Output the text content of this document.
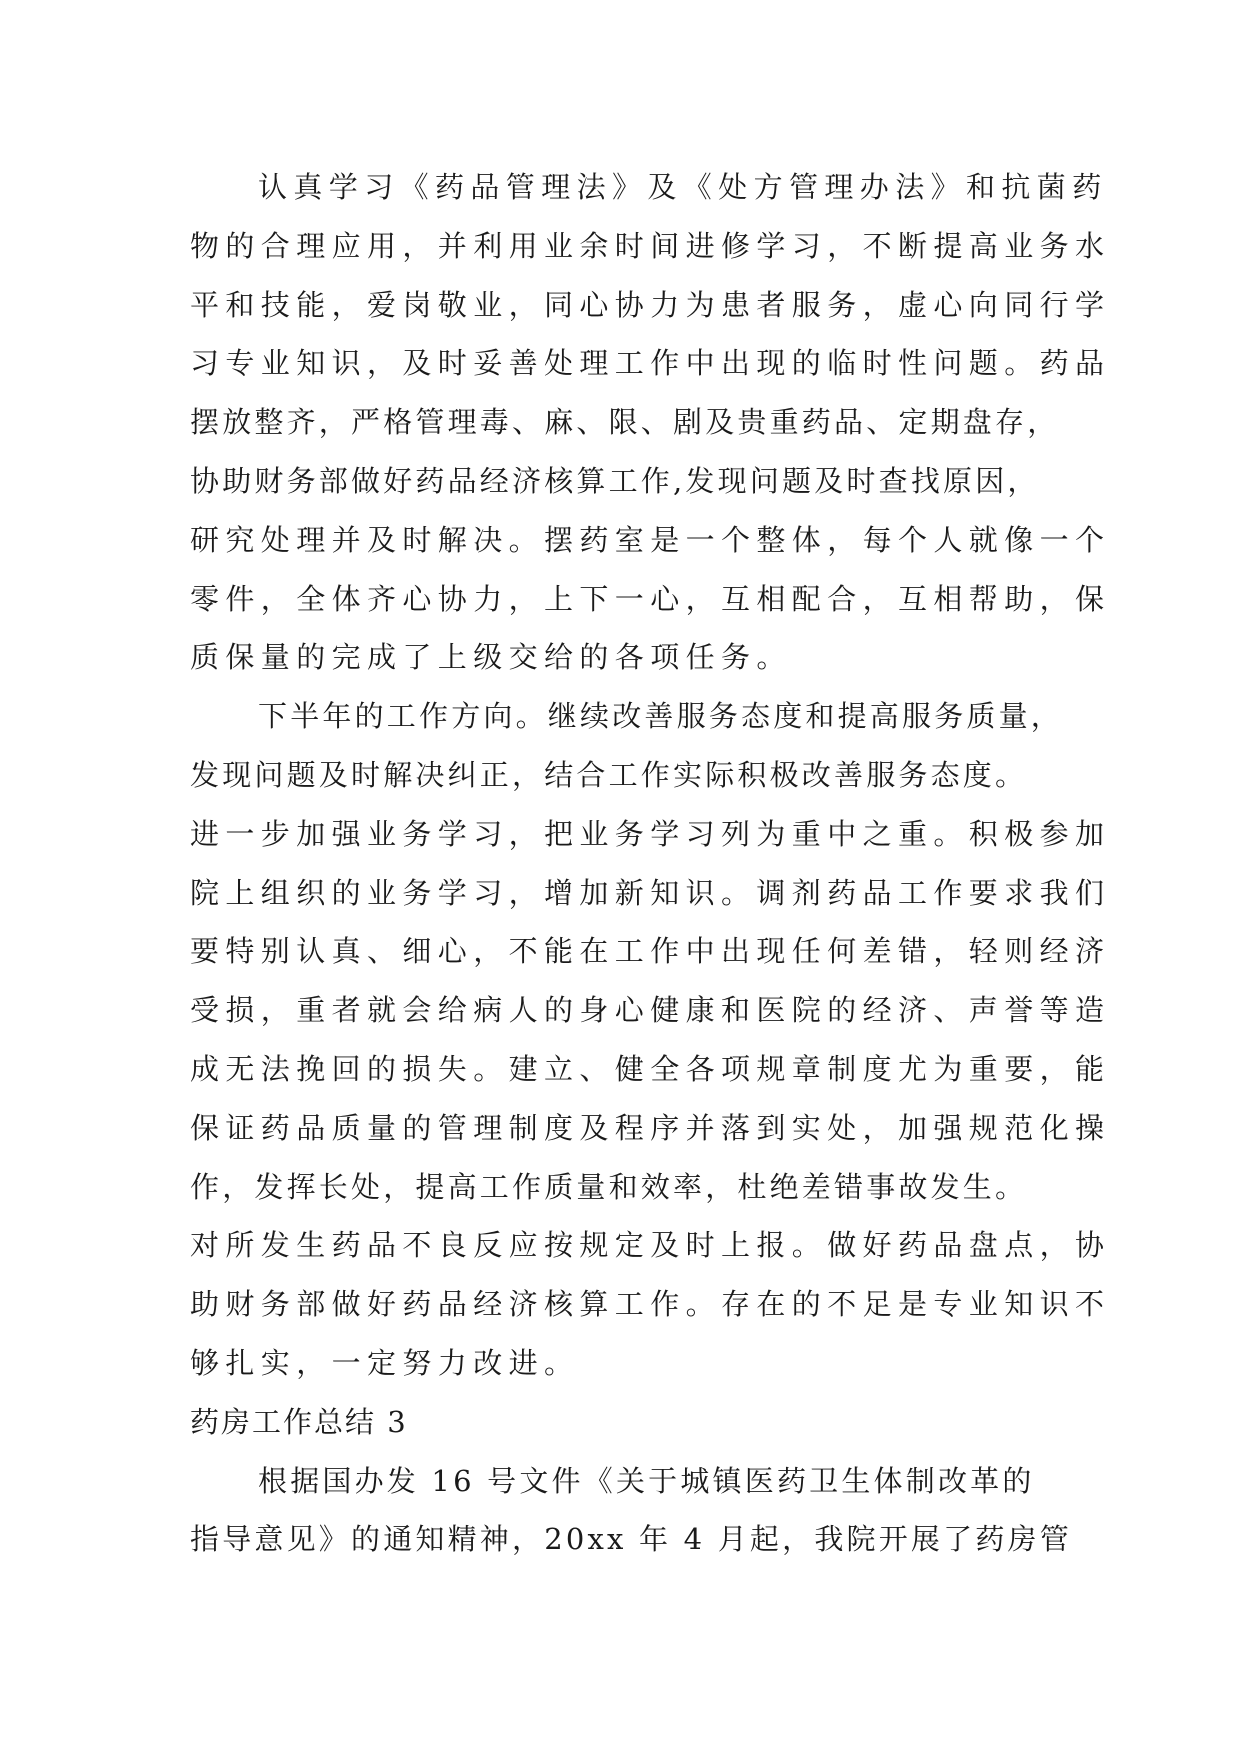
认真学习《药品管理法》及《处方管理办法》和抗菌药
物的合理应用，并利用业余时间进修学习，不断提高业务水
平和技能，爱岗敬业，同心协力为患者服务，虚心向同行学
习专业知识，及时妥善处理工作中出现的临时性问题。药品
摆放整齐，严格管理毒、麻、限、剧及贵重药品、定期盘存，
协助财务部做好药品经济核算工作,发现问题及时查找原因，
研究处理并及时解决。摆药室是一个整体，每个人就像一个
零件，全体齐心协力，上下一心，互相配合，互相帮助，保
质保量的完成了上级交给的各项任务。
下半年的工作方向。继续改善服务态度和提高服务质量，
发现问题及时解决纠正，结合工作实际积极改善服务态度。
进一步加强业务学习，把业务学习列为重中之重。积极参加
院上组织的业务学习，增加新知识。调剂药品工作要求我们
要特别认真、细心，不能在工作中出现任何差错，轻则经济
受损，重者就会给病人的身心健康和医院的经济、声誉等造
成无法挽回的损失。建立、健全各项规章制度尤为重要，能
保证药品质量的管理制度及程序并落到实处，加强规范化操
作，发挥长处，提高工作质量和效率，杜绝差错事故发生。
对所发生药品不良反应按规定及时上报。做好药品盘点，协
助财务部做好药品经济核算工作。存在的不足是专业知识不
够扎实，一定努力改进。
药房工作总结 3
根据国办发 16 号文件《关于城镇医药卫生体制改革的
指导意见》的通知精神，20xx 年 4 月起，我院开展了药房管
